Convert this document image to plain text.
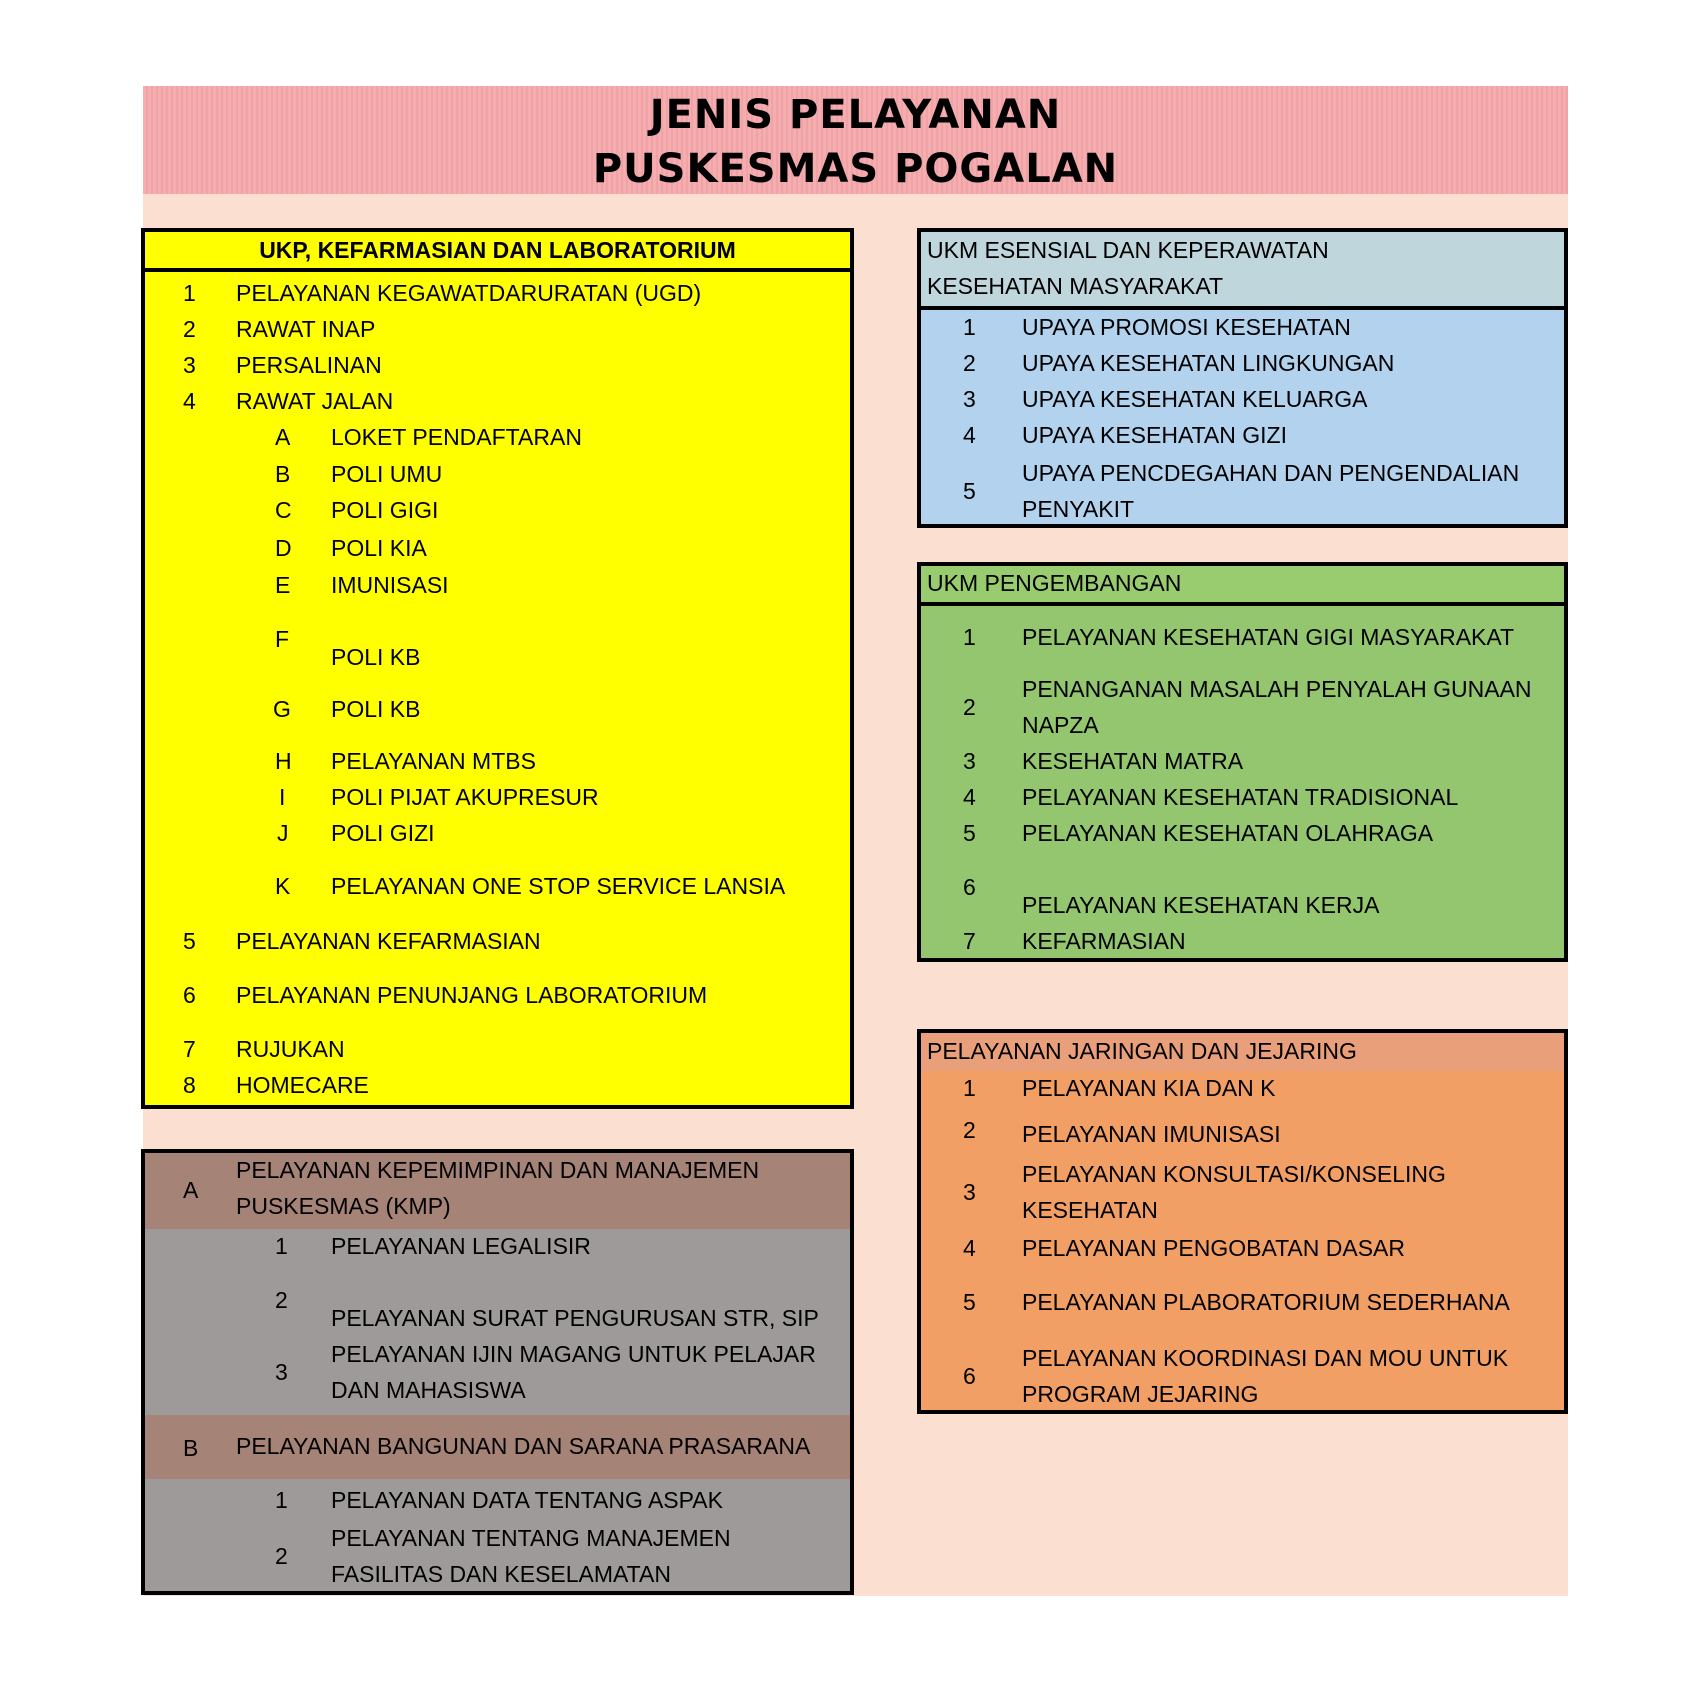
JENIS PELAYANAN
PUSKESMAS POGALAN
UKP, KEFARMASIAN DAN LABORATORIUM
1 PELAYANAN KEGAWATDARURATAN (UGD)
2 RAWAT INAP
3 PERSALINAN
4 RAWAT JALAN
A LOKET PENDAFTARAN
B POLI UMU
C POLI GIGI
D POLI KIA
E IMUNISASI
F
POLI KB
G POLI KB
H PELAYANAN MTBS
I POLI PIJAT AKUPRESUR
J POLI GIZI
K PELAYANAN ONE STOP SERVICE LANSIA
5 PELAYANAN KEFARMASIAN
6 PELAYANAN PENUNJANG LABORATORIUM
7 RUJUKAN
8 HOMECARE
A
PELAYANAN KEPEMIMPINAN DAN MANAJEMEN
PUSKESMAS (KMP)
1 PELAYANAN LEGALISIR
2
PELAYANAN SURAT PENGURUSAN STR, SIP
3
PELAYANAN IJIN MAGANG UNTUK PELAJAR
DAN MAHASISWA
B PELAYANAN BANGUNAN DAN SARANA PRASARANA
1 PELAYANAN DATA TENTANG ASPAK
2
PELAYANAN TENTANG MANAJEMEN
FASILITAS DAN KESELAMATAN
UKM ESENSIAL DAN KEPERAWATAN
KESEHATAN MASYARAKAT
1 UPAYA PROMOSI KESEHATAN
2 UPAYA KESEHATAN LINGKUNGAN
3 UPAYA KESEHATAN KELUARGA
4 UPAYA KESEHATAN GIZI
5
UPAYA PENCDEGAHAN DAN PENGENDALIAN
PENYAKIT
UKM PENGEMBANGAN
1 PELAYANAN KESEHATAN GIGI MASYARAKAT
2
PENANGANAN MASALAH PENYALAH GUNAAN
NAPZA
3 KESEHATAN MATRA
4 PELAYANAN KESEHATAN TRADISIONAL
5 PELAYANAN KESEHATAN OLAHRAGA
6
PELAYANAN KESEHATAN KERJA
7 KEFARMASIAN
PELAYANAN JARINGAN DAN JEJARING
1 PELAYANAN KIA DAN K
2 PELAYANAN IMUNISASI
3
PELAYANAN KONSULTASI/KONSELING
KESEHATAN
4 PELAYANAN PENGOBATAN DASAR
5 PELAYANAN PLABORATORIUM SEDERHANA
6
PELAYANAN KOORDINASI DAN MOU UNTUK
PROGRAM JEJARING
